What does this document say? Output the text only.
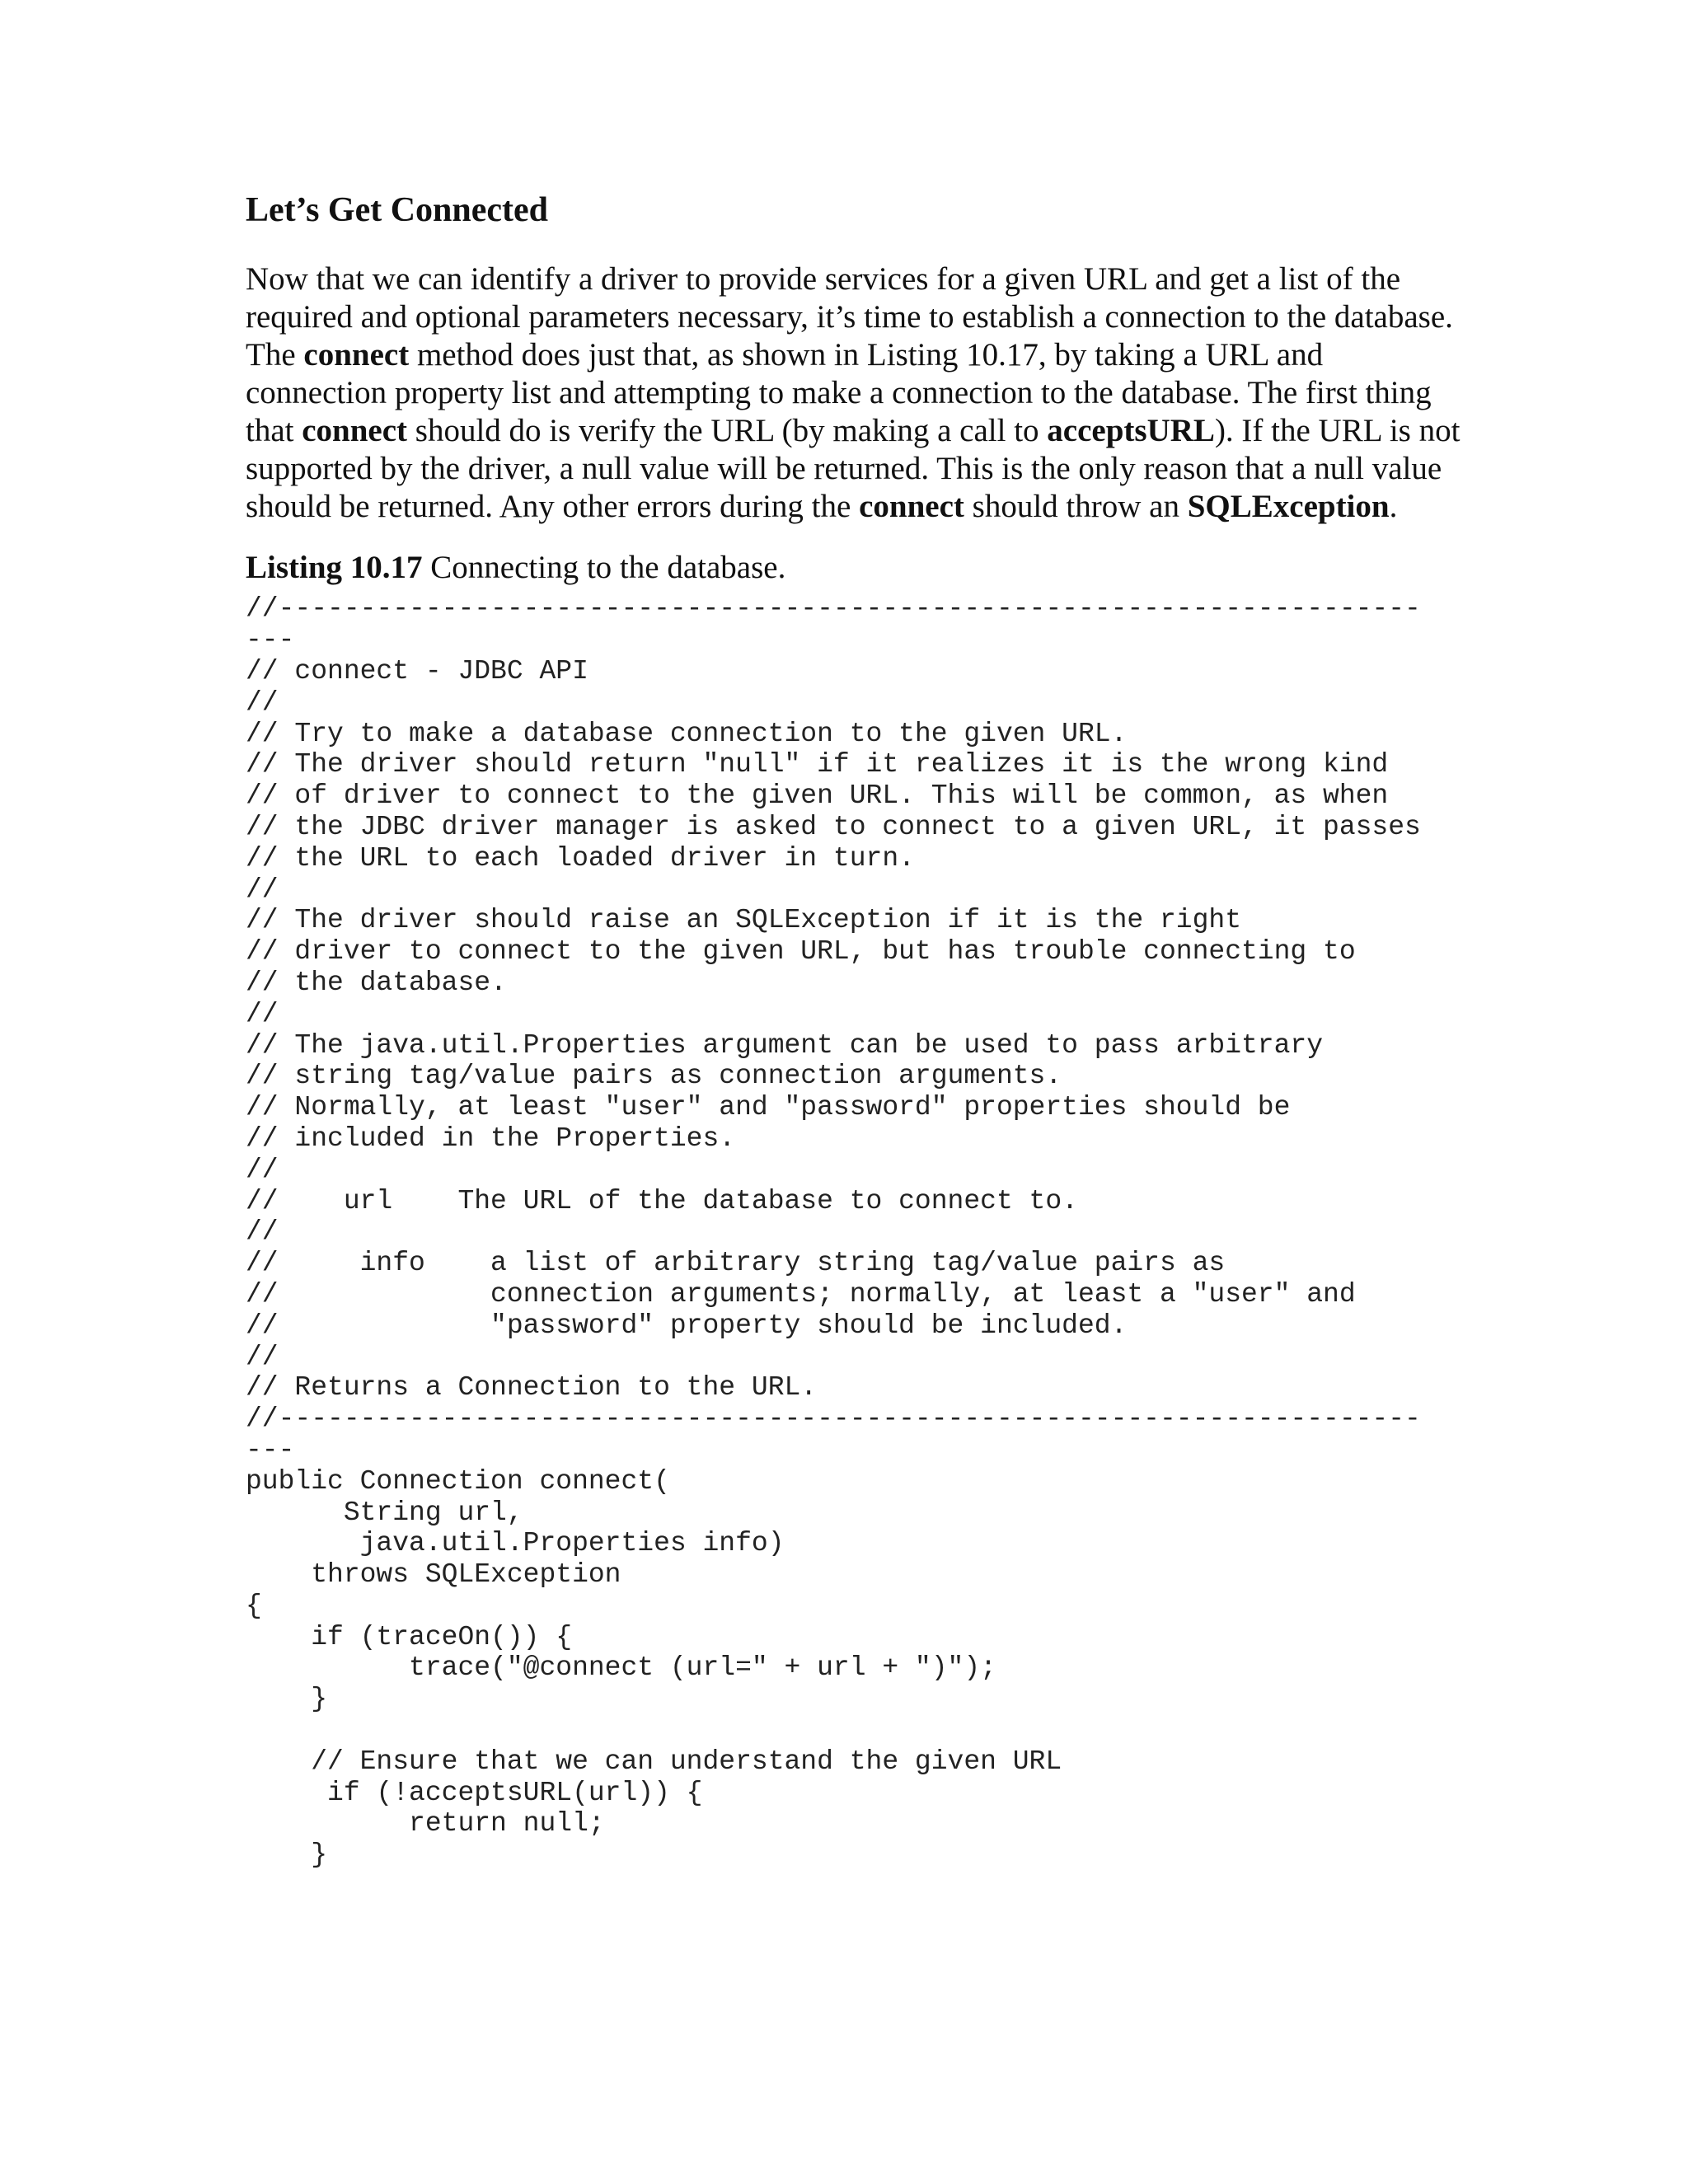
Let’s Get Connected

Now that we can identify a driver to provide services for a given URL and get a list of the required and optional parameters necessary, it’s time to establish a connection to the database. The connect method does just that, as shown in Listing 10.17, by taking a URL and connection property list and attempting to make a connection to the database. The first thing that connect should do is verify the URL (by making a call to acceptsURL). If the URL is not supported by the driver, a null value will be returned. This is the only reason that a null value should be returned. Any other errors during the connect should throw an SQLException.

Listing 10.17 Connecting to the database.

//----------------------------------------------------------------------
---
// connect - JDBC API
//
// Try to make a database connection to the given URL.
// The driver should return "null" if it realizes it is the wrong kind
// of driver to connect to the given URL. This will be common, as when
// the JDBC driver manager is asked to connect to a given URL, it passes
// the URL to each loaded driver in turn.
//
// The driver should raise an SQLException if it is the right
// driver to connect to the given URL, but has trouble connecting to
// the database.
//
// The java.util.Properties argument can be used to pass arbitrary
// string tag/value pairs as connection arguments.
// Normally, at least "user" and "password" properties should be
// included in the Properties.
//
//    url    The URL of the database to connect to.
//
//     info    a list of arbitrary string tag/value pairs as
//             connection arguments; normally, at least a "user" and
//             "password" property should be included.
//
// Returns a Connection to the URL.
//----------------------------------------------------------------------
---
public Connection connect(
String url,
java.util.Properties info)
throws SQLException
{
if (traceOn()) {
trace("@connect (url=" + url + ")");
}

// Ensure that we can understand the given URL
if (!acceptsURL(url)) {
return null;
}
